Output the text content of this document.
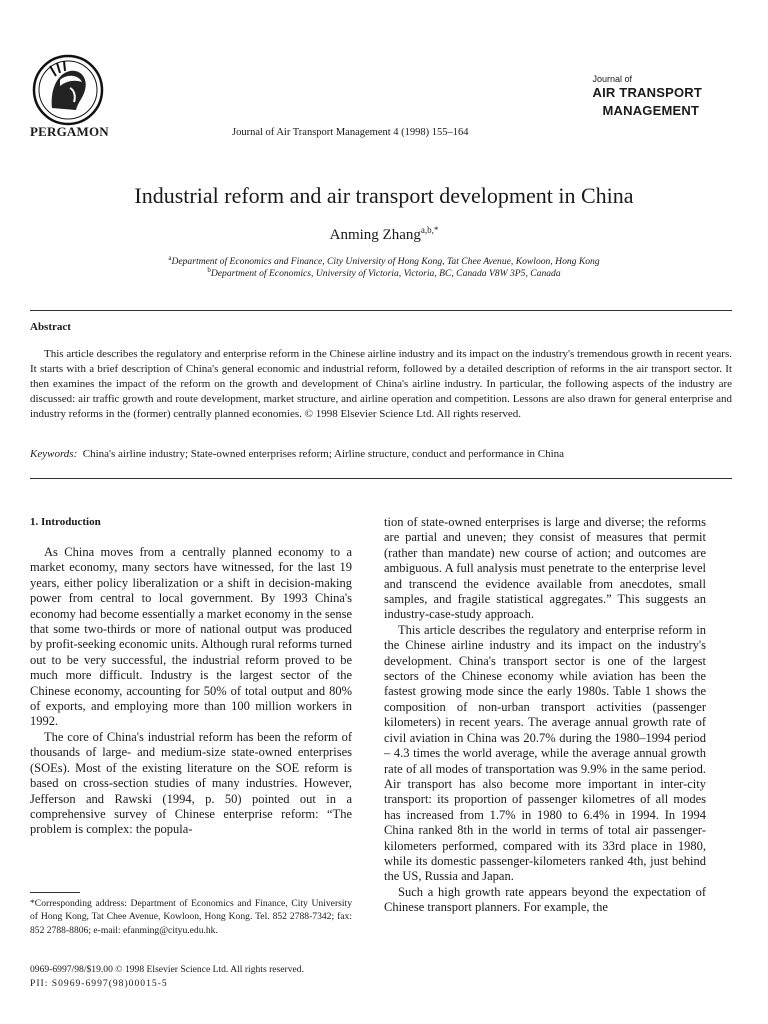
PERGAMON	Journal of Air Transport Management 4 (1998) 155–164
Journal of
AIR TRANSPORT
MANAGEMENT
Industrial reform and air transport development in China
Anming Zhang$^{a,b,*}$
$^a$Department of Economics and Finance, City University of Hong Kong, Tat Chee Avenue, Kowloon, Hong Kong
$^b$Department of Economics, University of Victoria, Victoria, BC, Canada V8W 3P5, Canada
Abstract
This article describes the regulatory and enterprise reform in the Chinese airline industry and its impact on the industry's tremendous growth in recent years. It starts with a brief description of China's general economic and industrial reform, followed by a detailed description of reforms in the air transport sector. It then examines the impact of the reform on the growth and development of China's airline industry. In particular, the following aspects of the industry are discussed: air traffic growth and route development, market structure, and airline operation and competition. Lessons are also drawn for general enterprise and industry reforms in the (former) centrally planned economies. © 1998 Elsevier Science Ltd. All rights reserved.
Keywords: China's airline industry; State-owned enterprises reform; Airline structure, conduct and performance in China
1. Introduction

As China moves from a centrally planned economy to a market economy, many sectors have witnessed, for the last 19 years, either policy liberalization or a shift in decision-making power from central to local government. By 1993 China's economy had become essentially a market economy in the sense that some two-thirds or more of national output was produced by profit-seeking economic units. Although rural reforms turned out to be very successful, the industrial reform proved to be much more difficult. Industry is the largest sector of the Chinese economy, accounting for 50% of total output and 80% of exports, and employing more than 100 million workers in 1992.

The core of China's industrial reform has been the reform of thousands of large- and medium-size state-owned enterprises (SOEs). Most of the existing literature on the SOE reform is based on cross-section studies of many industries. However, Jefferson and Rawski (1994, p. 50) pointed out in a comprehensive survey of Chinese enterprise reform: “The problem is complex: the popula-

tion of state-owned enterprises is large and diverse; the reforms are partial and uneven; they consist of measures that permit (rather than mandate) new course of action; and outcomes are ambiguous. A full analysis must penetrate to the enterprise level and transcend the evidence available from anecdotes, small samples, and fragile statistical aggregates.” This suggests an industry-case-study approach.

This article describes the regulatory and enterprise reform in the Chinese airline industry and its impact on the industry's development. China's transport sector is one of the largest sectors of the Chinese economy while aviation has been the fastest growing mode since the early 1980s. Table 1 shows the composition of non-urban transport activities (passenger kilometers) in recent years. The average annual growth rate of civil aviation in China was 20.7% during the 1980–1994 period – 4.3 times the world average, while the average annual growth rate of all modes of transportation was 9.9% in the same period. Air transport has also become more important in inter-city transport: its proportion of passenger kilometres of all modes has increased from 1.7% in 1980 to 6.4% in 1994. In 1994 China ranked 8th in the world in terms of total air passenger-kilometers performed, compared with its 33rd place in 1980, while its domestic passenger-kilometers ranked 4th, just behind the US, Russia and Japan.

Such a high growth rate appears beyond the expectation of Chinese transport planners. For example, the

*Corresponding address: Department of Economics and Finance, City University of Hong Kong, Tat Chee Avenue, Kowloon, Hong Kong. Tel. 852 2788-7342; fax: 852 2788-8806; e-mail: efanming@cityu.edu.hk.
0969-6997/98/$19.00 © 1998 Elsevier Science Ltd. All rights reserved.
PII: S0969-6997(98)00015-5
